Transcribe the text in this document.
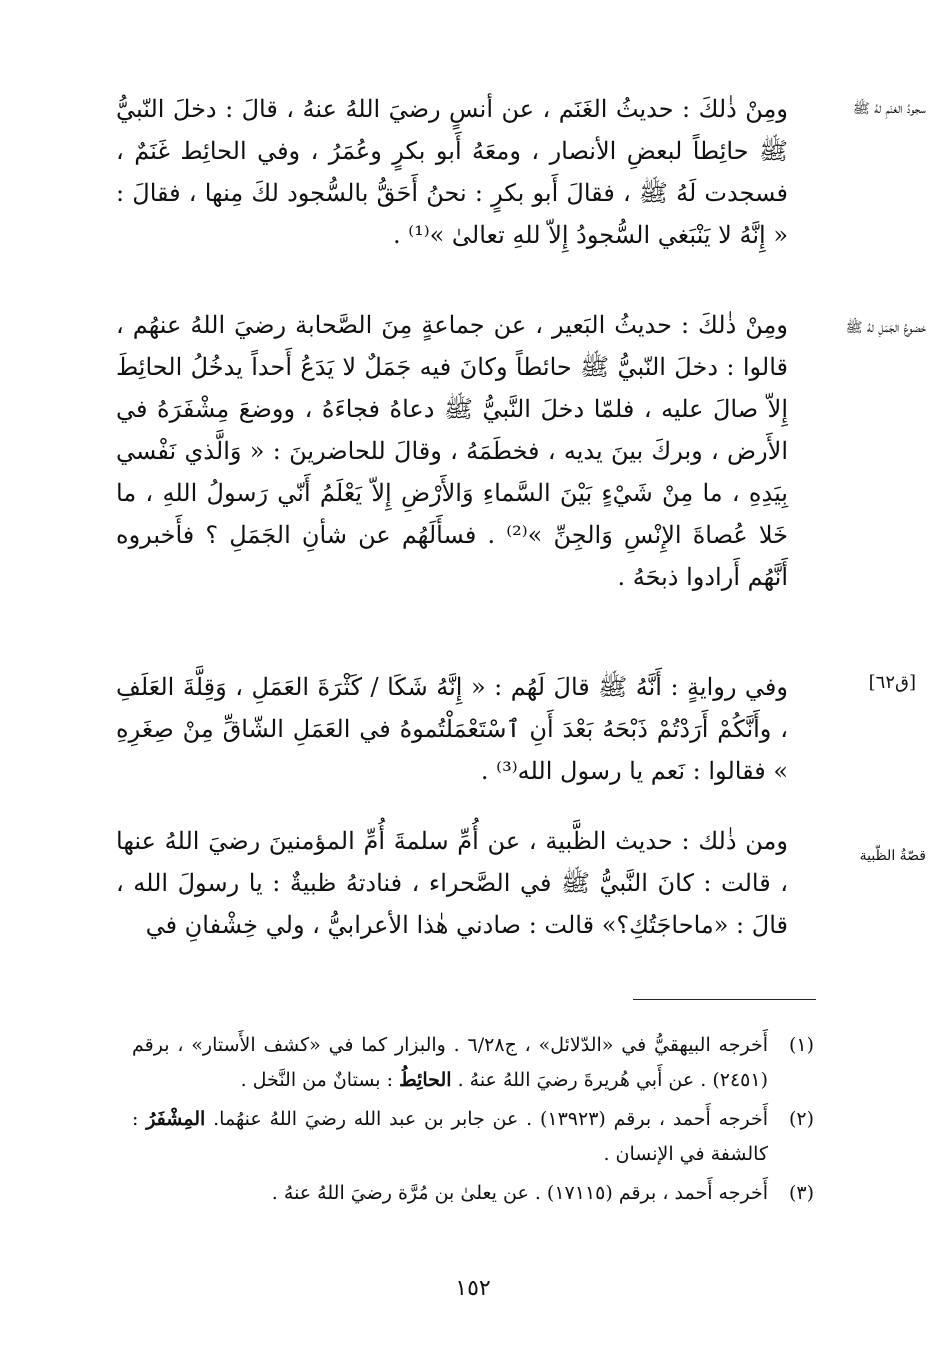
سجودُ الغنَمِ لهُ ﷺ
خضوعُ الجَمَلِ لهُ ﷺ
[ق٦٢]
قصّةُ الظّبية

ومِنْ ذٰلكَ : حديثُ الغَنَم ، عن أنسٍ رضيَ اللهُ عنهُ ، قالَ : دخلَ النّبيُّ ﷺ حائِطاً لبعضِ الأنصار ، ومعَهُ أَبو بكرٍ وعُمَرُ ، وفي الحائِط غَنَمٌ ، فسجدت لَهُ ﷺ ، فقالَ أَبو بكرٍ : نحنُ أَحَقُّ بالسُّجود لكَ مِنها ، فقالَ : « إِنَّهُ لا يَنْبَغي السُّجودُ إِلاّ للهِ تعالىٰ »⁽¹⁾ .

ومِنْ ذٰلكَ : حديثُ البَعير ، عن جماعةٍ مِنَ الصَّحابة رضيَ اللهُ عنهُم ، قالوا : دخلَ النّبيُّ ﷺ حائطاً وكانَ فيه جَمَلٌ لا يَدَعُ أَحداً يدخُلُ الحائِطَ إِلاّ صالَ عليه ، فلمّا دخلَ النَّبيُّ ﷺ دعاهُ فجاءَهُ ، ووضعَ مِشْفَرَهُ في الأَرض ، وبركَ بينَ يديه ، فخطَمَهُ ، وقالَ للحاضرينَ : « وَالَّذي نَفْسي بِيَدِهِ ، ما مِنْ شَيْءٍ بَيْنَ السَّماءِ وَالأَرْضِ إِلاّ يَعْلَمُ أَنّي رَسولُ اللهِ ، ما خَلا عُصاةَ الإِنْسِ وَالجِنِّ »⁽²⁾ . فسأَلَهُم عن شأنِ الجَمَلِ ؟ فأَخبروه أَنَّهُم أَرادوا ذبحَهُ .

وفي روايةٍ : أَنَّهُ ﷺ قالَ لَهُم : « إِنَّهُ شَكَا / كَثْرَةَ العَمَلِ ، وَقِلَّةَ العَلَفِ ، وأَنَّكُمْ أَرَدْتُمْ ذَبْحَهُ بَعْدَ أَنِ ٱسْتَعْمَلْتُموهُ في العَمَلِ الشّاقِّ مِنْ صِغَرِهِ » فقالوا : نَعم يا رسول الله⁽³⁾ .

ومن ذٰلك : حديث الظَّبية ، عن أُمِّ سلمةَ أُمِّ المؤمنينَ رضيَ اللهُ عنها ، قالت : كانَ النَّبيُّ ﷺ في الصَّحراء ، فنادتهُ ظبيةٌ : يا رسولَ الله ، قالَ : «ماحاجَتُكِ؟» قالت : صادني هٰذا الأعرابيُّ ، ولي خِشْفانِ في

(١)
أَخرجه البيهقيُّ في «الدّلائل» ، ج٦/٢٨ . والبزار كما في «كشف الأَستار» ، برقم (٢٤٥١) . عن أَبي هُريرةَ رضيَ اللهُ عنهُ . الحائِطُ : بستانٌ من النَّخل .
(٢)
أَخرجه أَحمد ، برقم (١٣٩٢٣) . عن جابر بن عبد الله رضيَ اللهُ عنهُما. المِشْفَرُ : كالشفة في الإنسان .
(٣)
أَخرجه أَحمد ، برقم (١٧١١٥) . عن يعلىٰ بن مُرَّة رضيَ اللهُ عنهُ .
١٥٢
